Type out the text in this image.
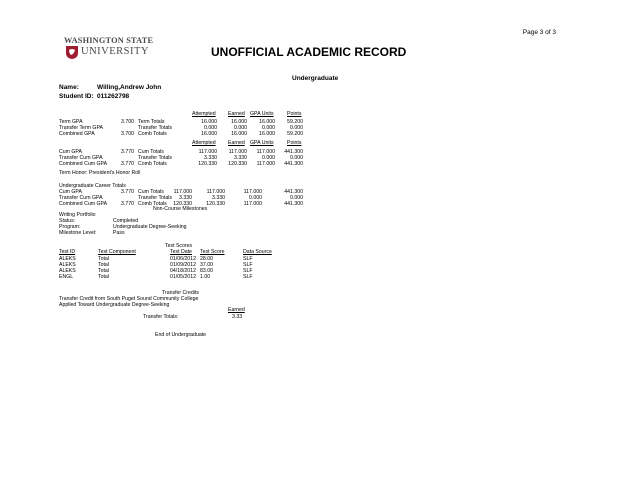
Page 3 of 3
WASHINGTON STATE
UNIVERSITY	UNOFFICIAL ACADEMIC RECORD
Undergraduate
Name:	Willing,Andrew John
Student ID: 011262798
Attempted Earned GPA Units	Points
Term GPA	3.700 Term Totals	16.000	16.000	16.000	59.200
Transfer Term GPA	Transfer Totals	0.000	0.000	0.000	0.000
Combined GPA	3.700 Comb Totals	16.000	16.000	16.000	59.200
Attempted Earned GPA Units	Points
Cum GPA	3.770 Cum Totals	117.000	117.000	117.000	441.300
Transfer Cum GPA	Transfer Totals	3.330	3.330	0.000	0.000
Combined Cum GPA	3.770 Comb Totals	120.330	120.330	117.000	441.300
Term Honor: President's Honor Roll
Undergraduate Career Totals
Cum GPA	3.770 Cum Totals	117.000	117.000	117.000	441.300
Transfer Cum GPA	Transfer Totals	3.330	3.330	0.000	0.000
Combined Cum GPA	3.770 Comb Totals	120.330	120.330	117.000	441.300
Non-Course Milestones
Writing Portfolio
Status:	Completed
Program:	Undergraduate Degree-Seeking
Milestone Level:	Pass
Test Scores
Test ID	Test Component	Test Date Test Score	Data Source
ALEKS	Total	01/06/2012 28.00	SLF
ALEKS	Total	01/09/2012 37.00	SLF
ALEKS	Total	04/18/2012 83.00	SLF
ENGL	Total	01/05/2012 1.00	SLF
Transfer Credits
Transfer Credit from South Puget Sound Community College
Applied Toward Undergraduate Degree-Seeking
Earned
Transfer Totals:	3.33
End of Undergraduate
